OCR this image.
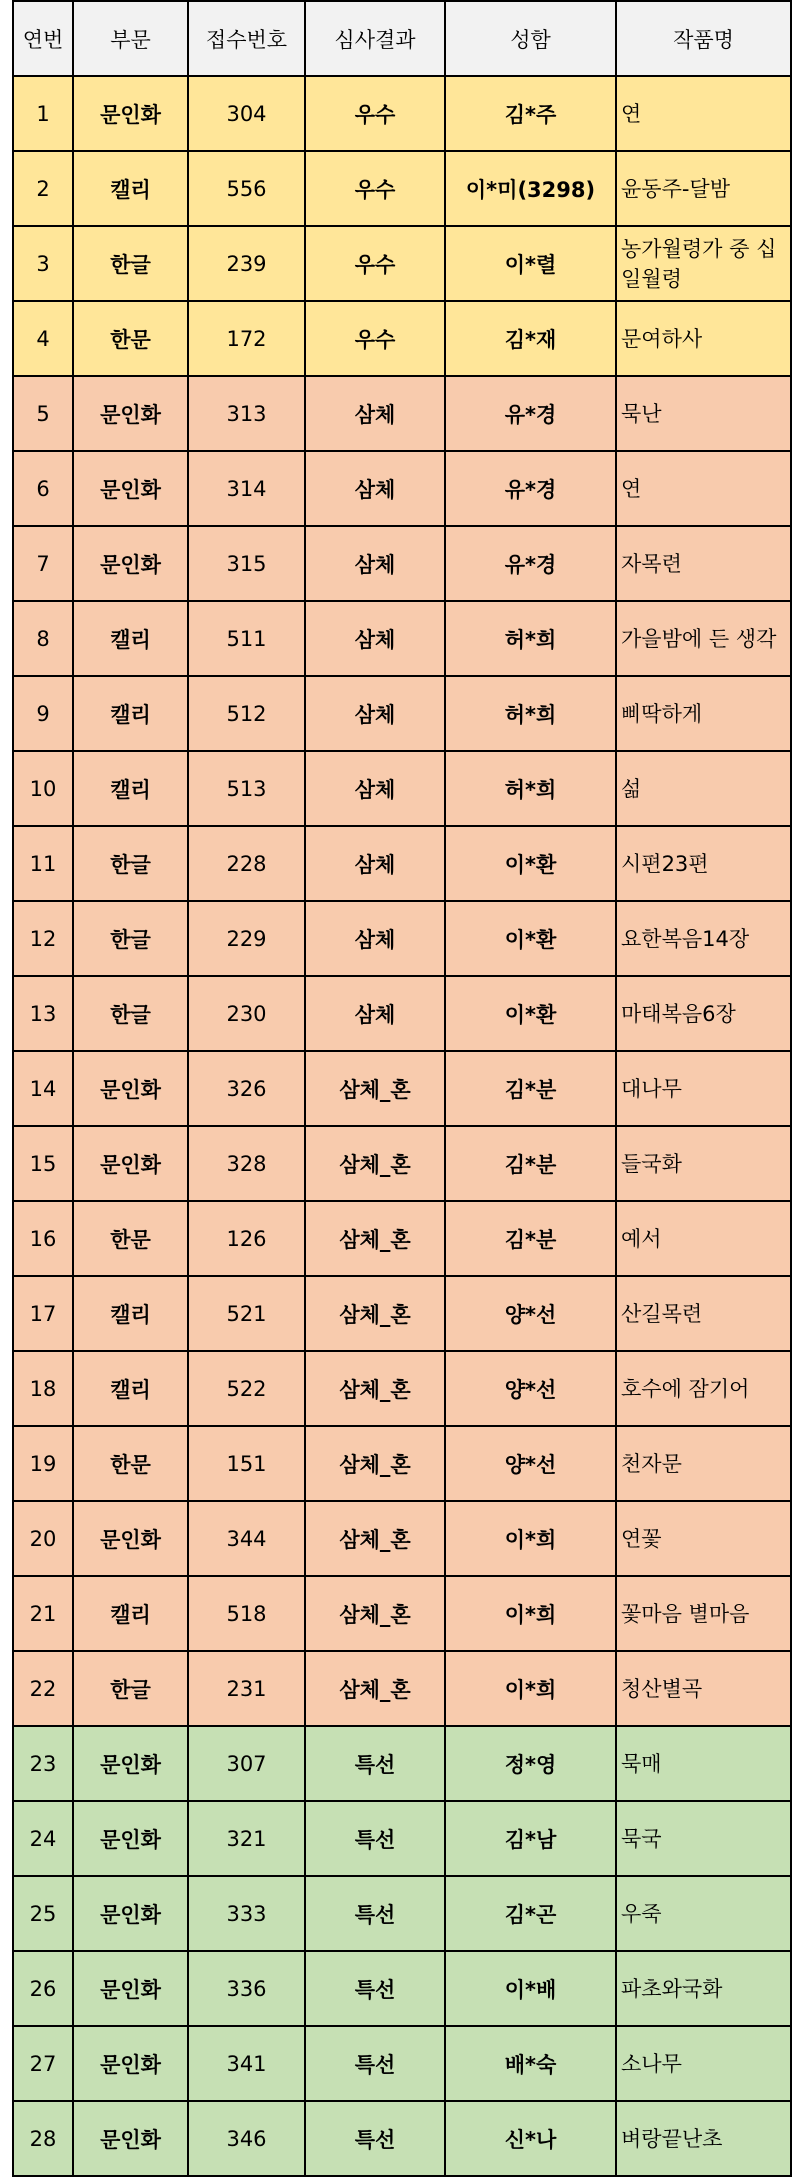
연번	부문	접수번호	심사결과	성함	작품명
1	문인화	304	우수	김*주	연
2	캘리	556	우수	이*미(3298)	윤동주-달밤
3	한글	239	우수	이*렬	농가월령가 중 십일월령
4	한문	172	우수	김*재	문여하사
5	문인화	313	삼체	유*경	묵난
6	문인화	314	삼체	유*경	연
7	문인화	315	삼체	유*경	자목련
8	캘리	511	삼체	허*희	가을밤에 든 생각
9	캘리	512	삼체	허*희	삐딱하게
10	캘리	513	삼체	허*희	섦
11	한글	228	삼체	이*환	시편23편
12	한글	229	삼체	이*환	요한복음14장
13	한글	230	삼체	이*환	마태복음6장
14	문인화	326	삼체_혼	김*분	대나무
15	문인화	328	삼체_혼	김*분	들국화
16	한문	126	삼체_혼	김*분	예서
17	캘리	521	삼체_혼	양*선	산길목련
18	캘리	522	삼체_혼	양*선	호수에 잠기어
19	한문	151	삼체_혼	양*선	천자문
20	문인화	344	삼체_혼	이*희	연꽃
21	캘리	518	삼체_혼	이*희	꽃마음 별마음
22	한글	231	삼체_혼	이*희	청산별곡
23	문인화	307	특선	정*영	묵매
24	문인화	321	특선	김*남	묵국
25	문인화	333	특선	김*곤	우죽
26	문인화	336	특선	이*배	파초와국화
27	문인화	341	특선	배*숙	소나무
28	문인화	346	특선	신*나	벼랑끝난초
